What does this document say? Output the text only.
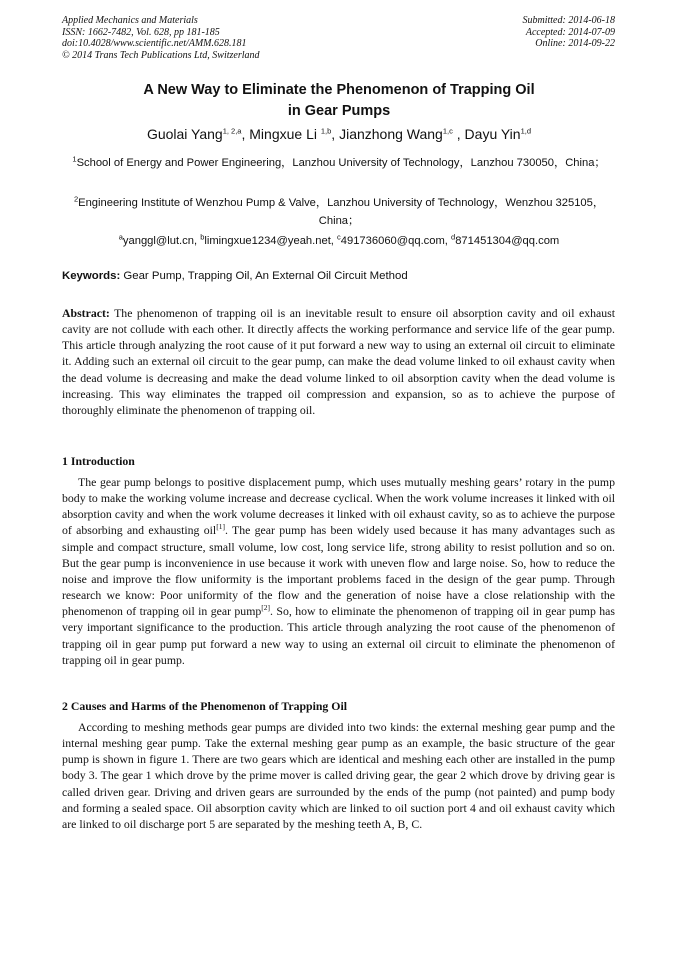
Applied Mechanics and Materials
ISSN: 1662-7482, Vol. 628, pp 181-185
doi:10.4028/www.scientific.net/AMM.628.181
© 2014 Trans Tech Publications Ltd, Switzerland
Submitted: 2014-06-18
Accepted: 2014-07-09
Online: 2014-09-22
A New Way to Eliminate the Phenomenon of Trapping Oil
in Gear Pumps
Guolai Yang$^{1, 2,a}$, Mingxue Li $^{1,b}$, Jianzhong Wang$^{1,c}$ , Dayu Yin$^{1,d}$
$^1$School of Energy and Power Engineering，Lanzhou University of Technology，Lanzhou 730050，China；
$^2$Engineering Institute of Wenzhou Pump & Valve，Lanzhou University of Technology，Wenzhou 325105，China；
$^a$yanggl@lut.cn, $^b$limingxue1234@yeah.net, $^c$491736060@qq.com, $^d$871451304@qq.com
Keywords: Gear Pump, Trapping Oil, An External Oil Circuit Method
Abstract: The phenomenon of trapping oil is an inevitable result to ensure oil absorption cavity and oil exhaust cavity are not collude with each other. It directly affects the working performance and service life of the gear pump. This article through analyzing the root cause of it put forward a new way to using an external oil circuit to eliminate it. Adding such an external oil circuit to the gear pump, can make the dead volume linked to oil exhaust cavity when the dead volume is decreasing and make the dead volume linked to oil absorption cavity when the dead volume is increasing. This way eliminates the trapped oil compression and expansion, so as to achieve the purpose of thoroughly eliminate the phenomenon of trapping oil.
1 Introduction
The gear pump belongs to positive displacement pump, which uses mutually meshing gears’ rotary in the pump body to make the working volume increase and decrease cyclical. When the work volume increases it linked with oil absorption cavity and when the work volume decreases it linked with oil exhaust cavity, so as to achieve the purpose of absorbing and exhausting oil[1]. The gear pump has been widely used because it has many advantages such as simple and compact structure, small volume, low cost, long service life, strong ability to resist pollution and so on. But the gear pump is inconvenience in use because it work with uneven flow and large noise. So, how to reduce the noise and improve the flow uniformity is the important problems faced in the design of the gear pump. Through research we know: Poor uniformity of the flow and the generation of noise have a close relationship with the phenomenon of trapping oil in gear pump[2]. So, how to eliminate the phenomenon of trapping oil in gear pump has very important significance to the production. This article through analyzing the root cause of the phenomenon of trapping oil in gear pump put forward a new way to using an external oil circuit to eliminate the phenomenon of trapping oil in gear pump.
2 Causes and Harms of the Phenomenon of Trapping Oil
According to meshing methods gear pumps are divided into two kinds: the external meshing gear pump and the internal meshing gear pump. Take the external meshing gear pump as an example, the basic structure of the gear pump is shown in figure 1. There are two gears which are identical and meshing each other are installed in the pump body 3. The gear 1 which drove by the prime mover is called driving gear, the gear 2 which drove by driving gear is called driven gear. Driving and driven gears are surrounded by the ends of the pump (not painted) and pump body and forming a sealed space. Oil absorption cavity which are linked to oil suction port 4 and oil exhaust cavity which are linked to oil discharge port 5 are separated by the meshing teeth A, B, C.
